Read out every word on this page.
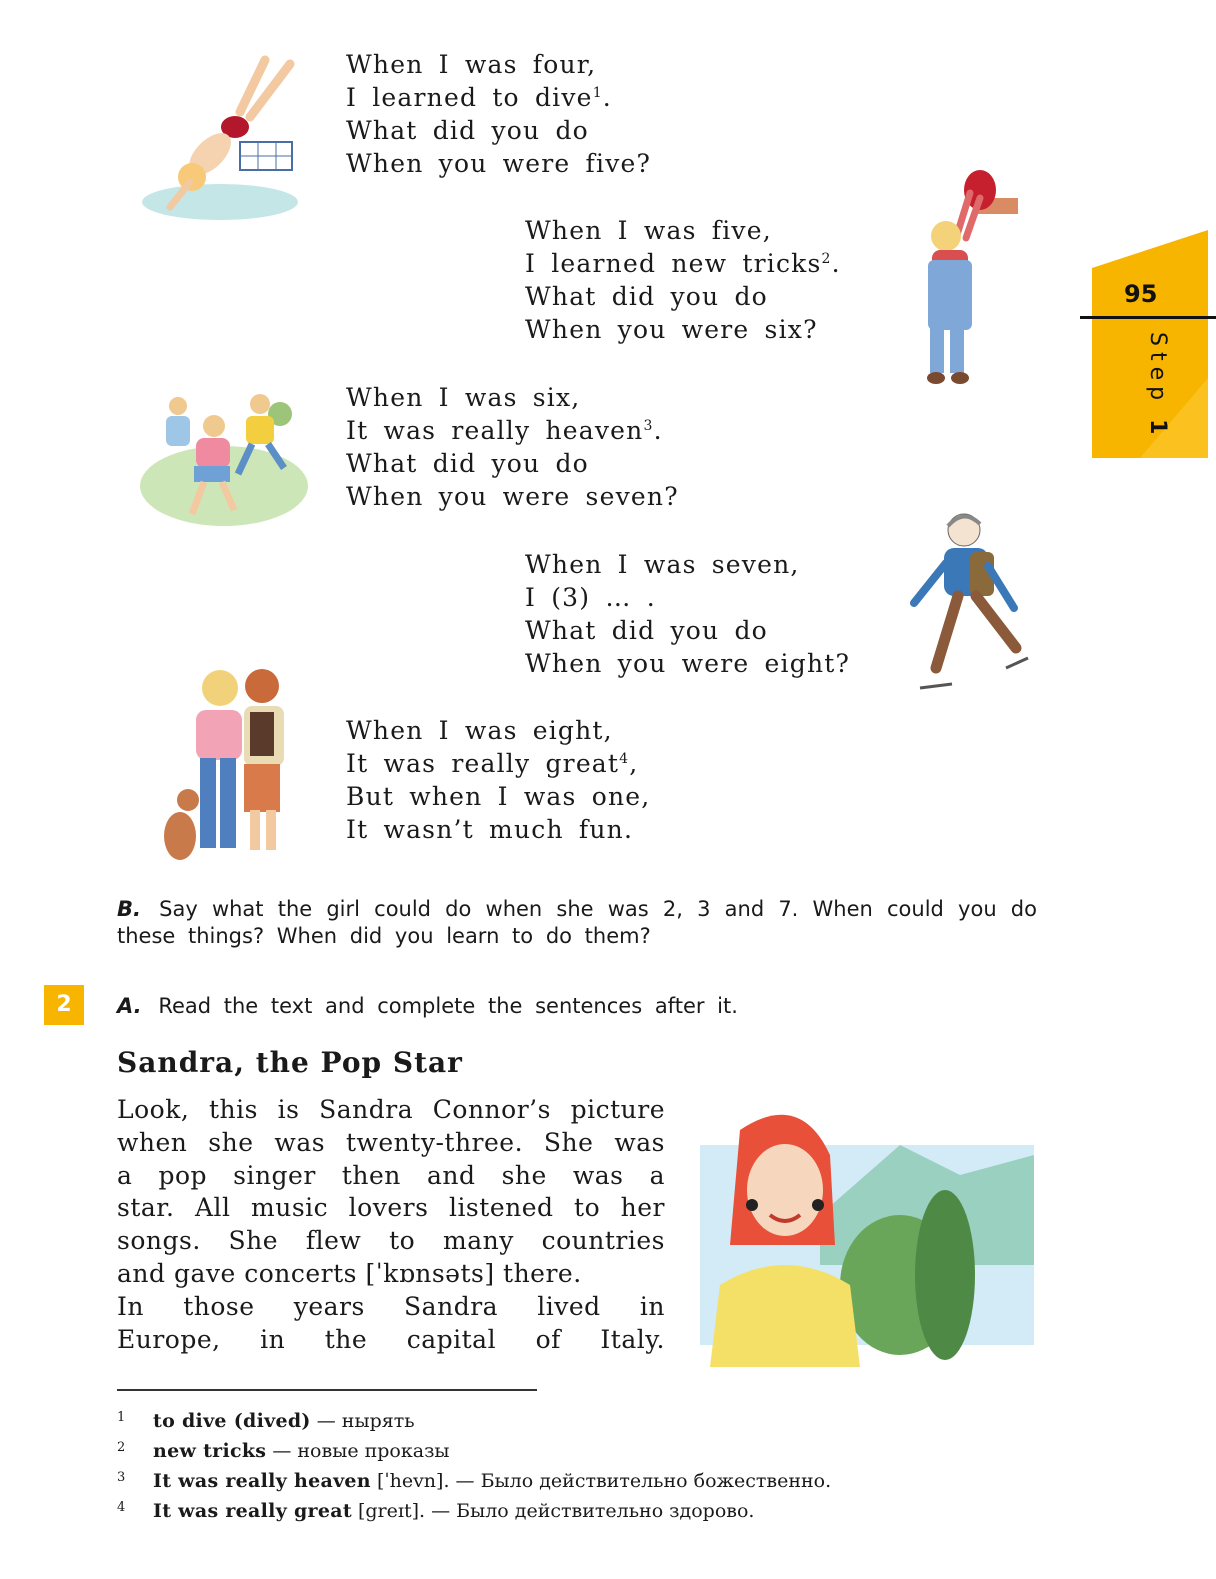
95
Step 1
When I was four,
I learned to dive$^1$.
What did you do
When you were five?
When I was five,
I learned new tricks$^2$.
What did you do
When you were six?
When I was six,
It was really heaven$^3$.
What did you do
When you were seven?
When I was seven,
I (3) … .
What did you do
When you were eight?
When I was eight,
It was really great$^4$,
But when I was one,
It wasn’t much fun.
B. Say what the girl could do when she was 2, 3 and 7. When could you do these things? When did you learn to do them?
2	A. Read the text and complete the sentences after it.
Sandra, the Pop Star
Look, this is Sandra Connor’s picture
when she was twenty-three. She was
a pop singer then and she was a
star. All music lovers listened to her
songs. She flew to many countries
and gave concerts [ˈkɒnsəts] there.
In those years Sandra lived in
Europe, in the capital of Italy.
1 to dive (dived) — нырять
2 new tricks — новые проказы
3 It was really heaven [ˈhevn]. — Было действительно божественно.
4 It was really great [greɪt]. — Было действительно здорово.
